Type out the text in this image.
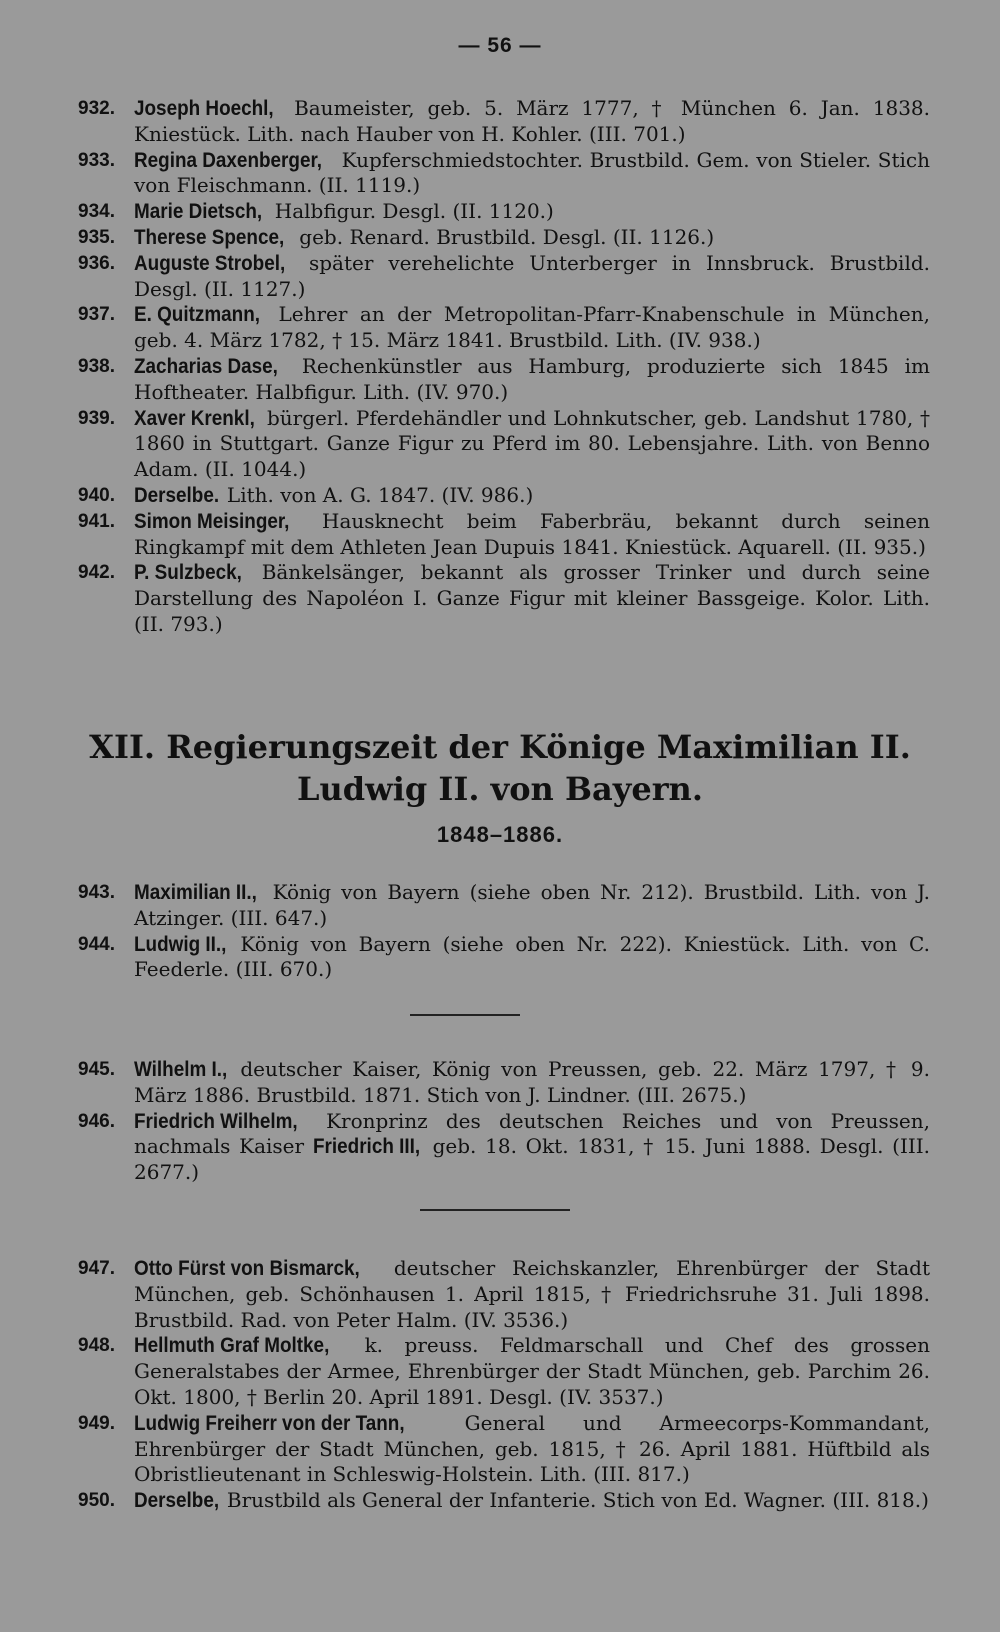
— 56 —
932. Joseph Hoechl, Baumeister, geb. 5. März 1777, † München 6. Jan. 1838. Kniestück. Lith. nach Hauber von H. Kohler. (III. 701.)
933. Regina Daxenberger, Kupferschmiedstochter. Brustbild. Gem. von Stieler. Stich von Fleischmann. (II. 1119.)
934. Marie Dietsch, Halbfigur. Desgl. (II. 1120.)
935. Therese Spence, geb. Renard. Brustbild. Desgl. (II. 1126.)
936. Auguste Strobel, später verehelichte Unterberger in Innsbruck. Brustbild. Desgl. (II. 1127.)
937. E. Quitzmann, Lehrer an der Metropolitan-Pfarr-Knabenschule in München, geb. 4. März 1782, † 15. März 1841. Brustbild. Lith. (IV. 938.)
938. Zacharias Dase, Rechenkünstler aus Hamburg, produzierte sich 1845 im Hoftheater. Halbfigur. Lith. (IV. 970.)
939. Xaver Krenkl, bürgerl. Pferdehändler und Lohnkutscher, geb. Landshut 1780, † 1860 in Stuttgart. Ganze Figur zu Pferd im 80. Lebensjahre. Lith. von Benno Adam. (II. 1044.)
940. Derselbe. Lith. von A. G. 1847. (IV. 986.)
941. Simon Meisinger, Hausknecht beim Faberbräu, bekannt durch seinen Ringkampf mit dem Athleten Jean Dupuis 1841. Kniestück. Aquarell. (II. 935.)
942. P. Sulzbeck, Bänkelsänger, bekannt als grosser Trinker und durch seine Darstellung des Napoléon I. Ganze Figur mit kleiner Bassgeige. Kolor. Lith. (II. 793.)
XII. Regierungszeit der Könige Maximilian II.
Ludwig II. von Bayern.
1848–1886.
943. Maximilian II., König von Bayern (siehe oben Nr. 212). Brustbild. Lith. von J. Atzinger. (III. 647.)
944. Ludwig II., König von Bayern (siehe oben Nr. 222). Kniestück. Lith. von C. Feederle. (III. 670.)
945. Wilhelm I., deutscher Kaiser, König von Preussen, geb. 22. März 1797, † 9. März 1886. Brustbild. 1871. Stich von J. Lindner. (III. 2675.)
946. Friedrich Wilhelm, Kronprinz des deutschen Reiches und von Preussen, nachmals Kaiser Friedrich III, geb. 18. Okt. 1831, † 15. Juni 1888. Desgl. (III. 2677.)
947. Otto Fürst von Bismarck, deutscher Reichskanzler, Ehrenbürger der Stadt München, geb. Schönhausen 1. April 1815, † Friedrichsruhe 31. Juli 1898. Brustbild. Rad. von Peter Halm. (IV. 3536.)
948. Hellmuth Graf Moltke, k. preuss. Feldmarschall und Chef des grossen Generalstabes der Armee, Ehrenbürger der Stadt München, geb. Parchim 26. Okt. 1800, † Berlin 20. April 1891. Desgl. (IV. 3537.)
949. Ludwig Freiherr von der Tann,	General und Armeecorps-Kommandant, Ehrenbürger der Stadt München, geb. 1815, † 26. April 1881. Hüftbild als Obristlieutenant in Schleswig-Holstein. Lith. (III. 817.)
950. Derselbe, Brustbild als General der Infanterie. Stich von Ed. Wagner. (III. 818.)
